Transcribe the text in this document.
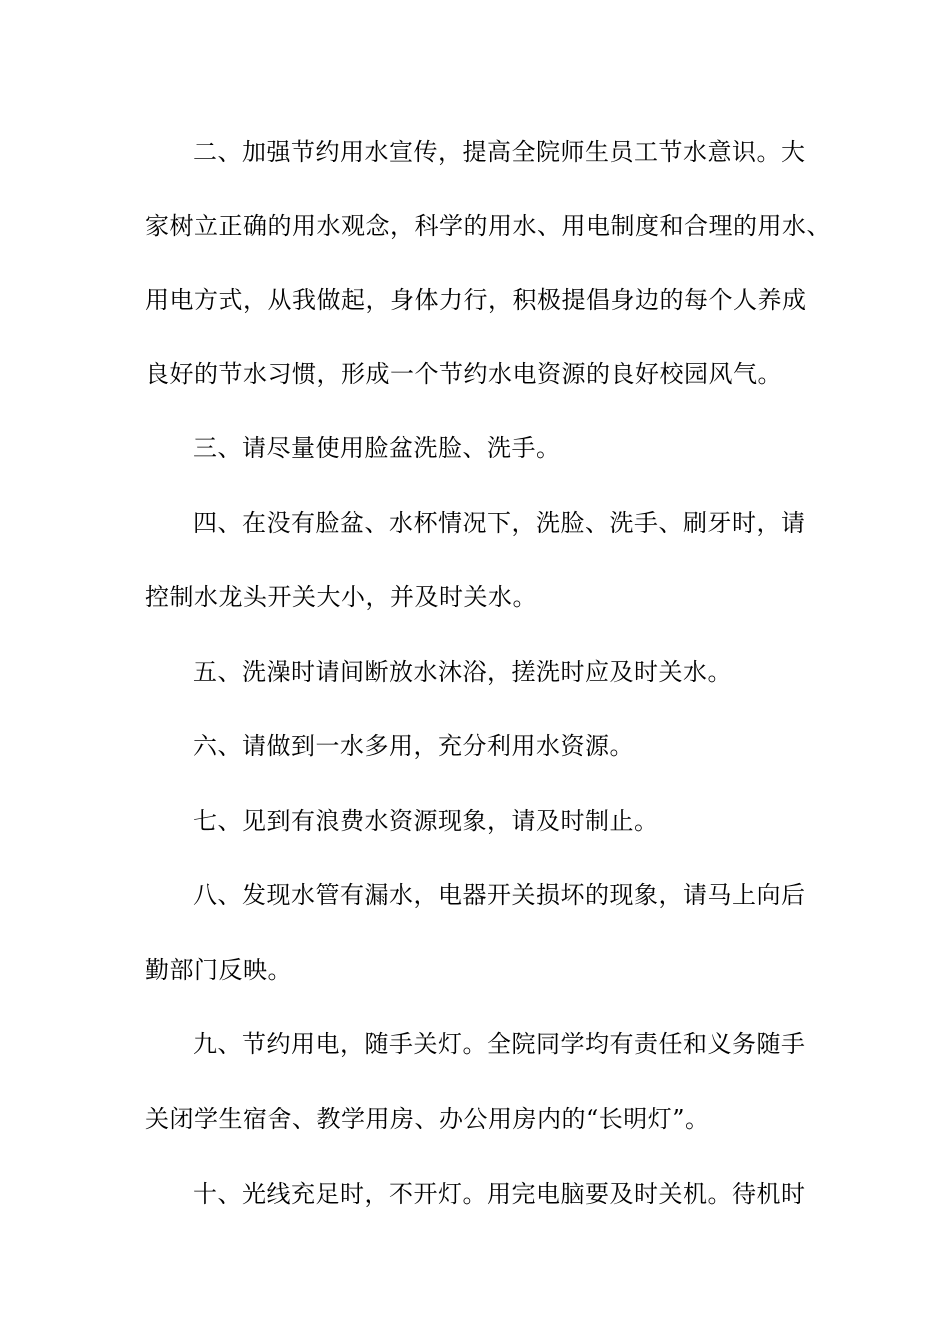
二、加强节约用水宣传，提高全院师生员工节水意识。大
家树立正确的用水观念，科学的用水、用电制度和合理的用水、
用电方式，从我做起，身体力行，积极提倡身边的每个人养成
良好的节水习惯，形成一个节约水电资源的良好校园风气。
三、请尽量使用脸盆洗脸、洗手。
四、在没有脸盆、水杯情况下，洗脸、洗手、刷牙时，请
控制水龙头开关大小，并及时关水。
五、洗澡时请间断放水沐浴，搓洗时应及时关水。
六、请做到一水多用，充分利用水资源。
七、见到有浪费水资源现象，请及时制止。
八、发现水管有漏水，电器开关损坏的现象，请马上向后
勤部门反映。
九、节约用电，随手关灯。全院同学均有责任和义务随手
关闭学生宿舍、教学用房、办公用房内的“长明灯”。
十、光线充足时，不开灯。用完电脑要及时关机。待机时
